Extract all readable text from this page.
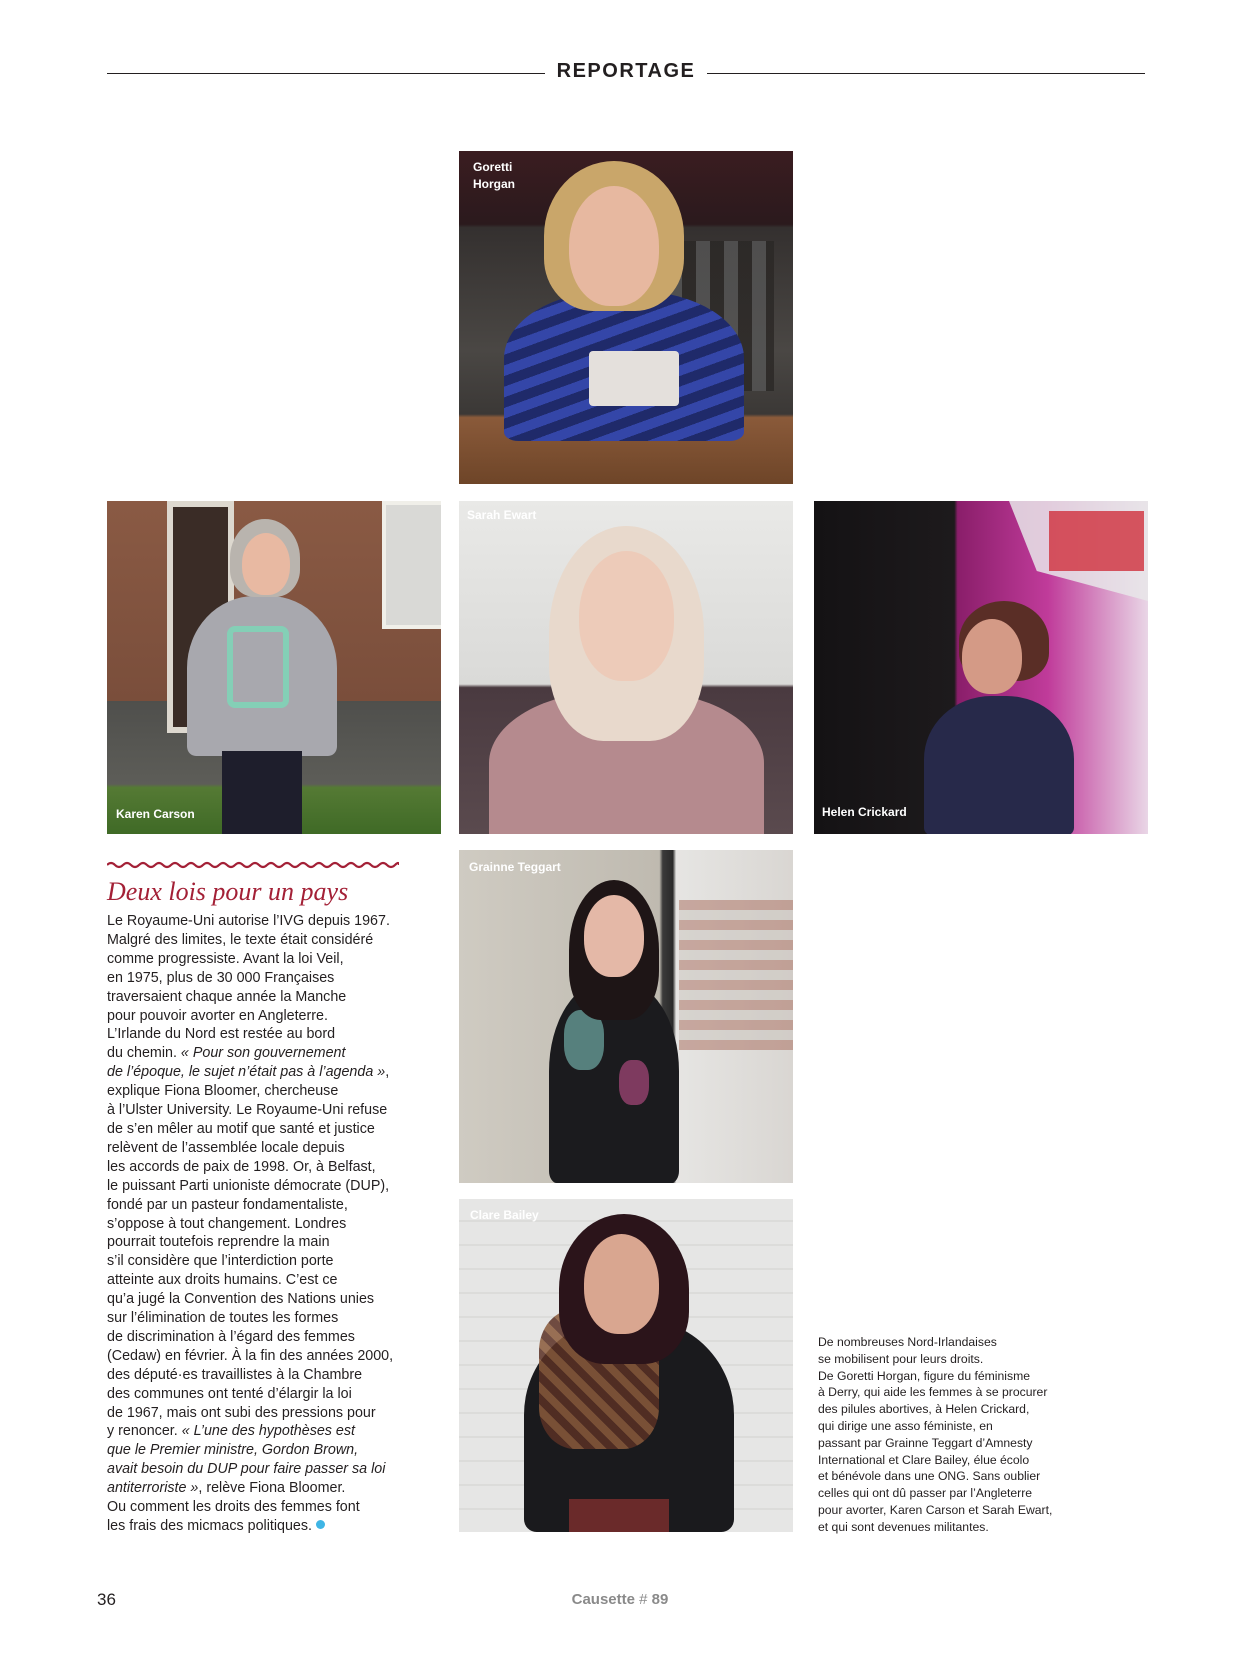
REPORTAGE
Goretti
Horgan
Karen Carson
Sarah Ewart
Helen Crickard
Grainne Teggart
Clare Bailey
Deux lois pour un pays

Le Royaume-Uni autorise l’IVG depuis 1967.

Malgré des limites, le texte était considéré

comme progressiste. Avant la loi Veil,

en 1975, plus de 30 000 Françaises

traversaient chaque année la Manche

pour pouvoir avorter en Angleterre.

L’Irlande du Nord est restée au bord

du chemin. « Pour son gouvernement

de l’époque, le sujet n’était pas à l’agenda »,

explique Fiona Bloomer, chercheuse

à l’Ulster University. Le Royaume-Uni refuse

de s’en mêler au motif que santé et justice

relèvent de l’assemblée locale depuis

les accords de paix de 1998. Or, à Belfast,

le puissant Parti unioniste démocrate (DUP),

fondé par un pasteur fondamentaliste,

s’oppose à tout changement. Londres

pourrait toutefois reprendre la main

s’il considère que l’interdiction porte

atteinte aux droits humains. C’est ce

qu’a jugé la Convention des Nations unies

sur l’élimination de toutes les formes

de discrimination à l’égard des femmes

(Cedaw) en février. À la fin des années 2000,

des député·es travaillistes à la Chambre

des communes ont tenté d’élargir la loi

de 1967, mais ont subi des pressions pour

y renoncer. « L’une des hypothèses est

que le Premier ministre, Gordon Brown,

avait besoin du DUP pour faire passer sa loi

antiterroriste », relève Fiona Bloomer.

Ou comment les droits des femmes font

les frais des micmacs politiques.

De nombreuses Nord-Irlandaises

se mobilisent pour leurs droits.

De Goretti Horgan, figure du féminisme

à Derry, qui aide les femmes à se procurer

des pilules abortives, à Helen Crickard,

qui dirige une asso féministe, en

passant par Grainne Teggart d’Amnesty

International et Clare Bailey, élue écolo

et bénévole dans une ONG. Sans oublier

celles qui ont dû passer par l’Angleterre

pour avorter, Karen Carson et Sarah Ewart,

et qui sont devenues militantes.

36	Causette # 89
